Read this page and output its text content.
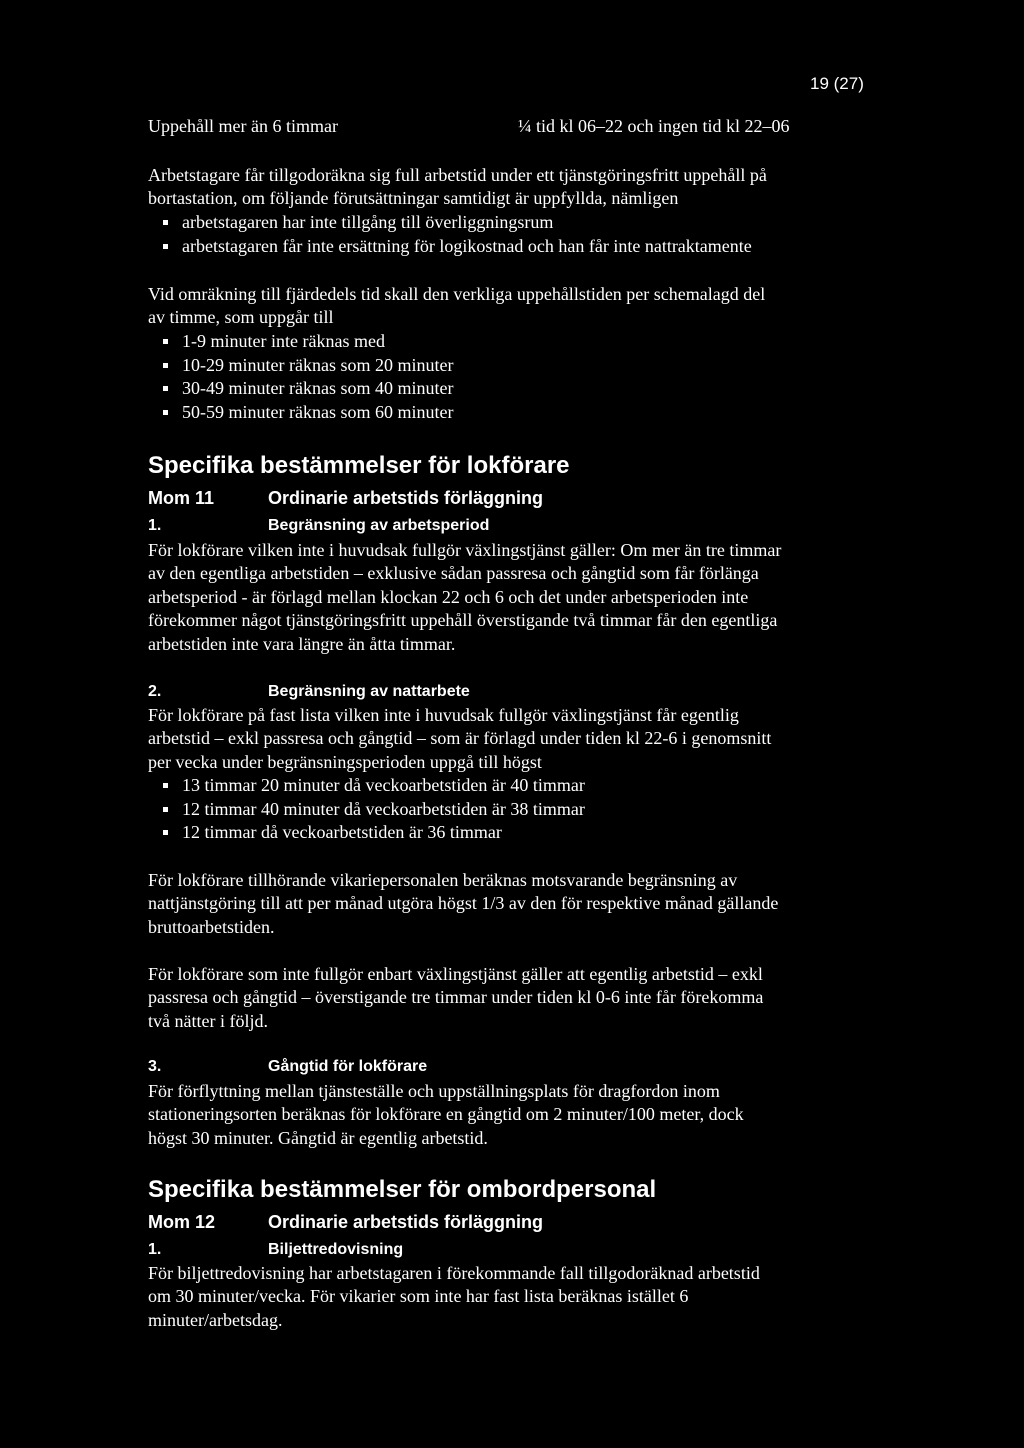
19 (27)
Uppehåll mer än 6 timmar	¼ tid kl 06–22 och ingen tid kl 22–06
Arbetstagare får tillgodoräkna sig full arbetstid under ett tjänstgöringsfritt uppehåll på
bortastation, om följande förutsättningar samtidigt är uppfyllda, nämligen
arbetstagaren har inte tillgång till överliggningsrum
arbetstagaren får inte ersättning för logikostnad och han får inte nattraktamente
Vid omräkning till fjärdedels tid skall den verkliga uppehållstiden per schemalagd del
av timme, som uppgår till
1-9 minuter inte räknas med
10-29 minuter räknas som 20 minuter
30-49 minuter räknas som 40 minuter
50-59 minuter räknas som 60 minuter
Specifika bestämmelser för lokförare
Mom 11	Ordinarie arbetstids förläggning
1.	Begränsning av arbetsperiod
För lokförare vilken inte i huvudsak fullgör växlingstjänst gäller: Om mer än tre timmar
av den egentliga arbetstiden – exklusive sådan passresa och gångtid som får förlänga
arbetsperiod - är förlagd mellan klockan 22 och 6 och det under arbetsperioden inte
förekommer något tjänstgöringsfritt uppehåll överstigande två timmar får den egentliga
arbetstiden inte vara längre än åtta timmar.
2.	Begränsning av nattarbete
För lokförare på fast lista vilken inte i huvudsak fullgör växlingstjänst får egentlig
arbetstid – exkl passresa och gångtid – som är förlagd under tiden kl 22-6 i genomsnitt
per vecka under begränsningsperioden uppgå till högst
13 timmar 20 minuter då veckoarbetstiden är 40 timmar
12 timmar 40 minuter då veckoarbetstiden är 38 timmar
12 timmar då veckoarbetstiden är 36 timmar
För lokförare tillhörande vikariepersonalen beräknas motsvarande begränsning av
nattjänstgöring till att per månad utgöra högst 1/3 av den för respektive månad gällande
bruttoarbetstiden.
För lokförare som inte fullgör enbart växlingstjänst gäller att egentlig arbetstid – exkl
passresa och gångtid – överstigande tre timmar under tiden kl 0-6 inte får förekomma
två nätter i följd.
3.	Gångtid för lokförare
För förflyttning mellan tjänsteställe och uppställningsplats för dragfordon inom
stationeringsorten beräknas för lokförare en gångtid om 2 minuter/100 meter, dock
högst 30 minuter. Gångtid är egentlig arbetstid.
Specifika bestämmelser för ombordpersonal
Mom 12	Ordinarie arbetstids förläggning
1.	Biljettredovisning
För biljettredovisning har arbetstagaren i förekommande fall tillgodoräknad arbetstid
om 30 minuter/vecka. För vikarier som inte har fast lista beräknas istället 6
minuter/arbetsdag.
